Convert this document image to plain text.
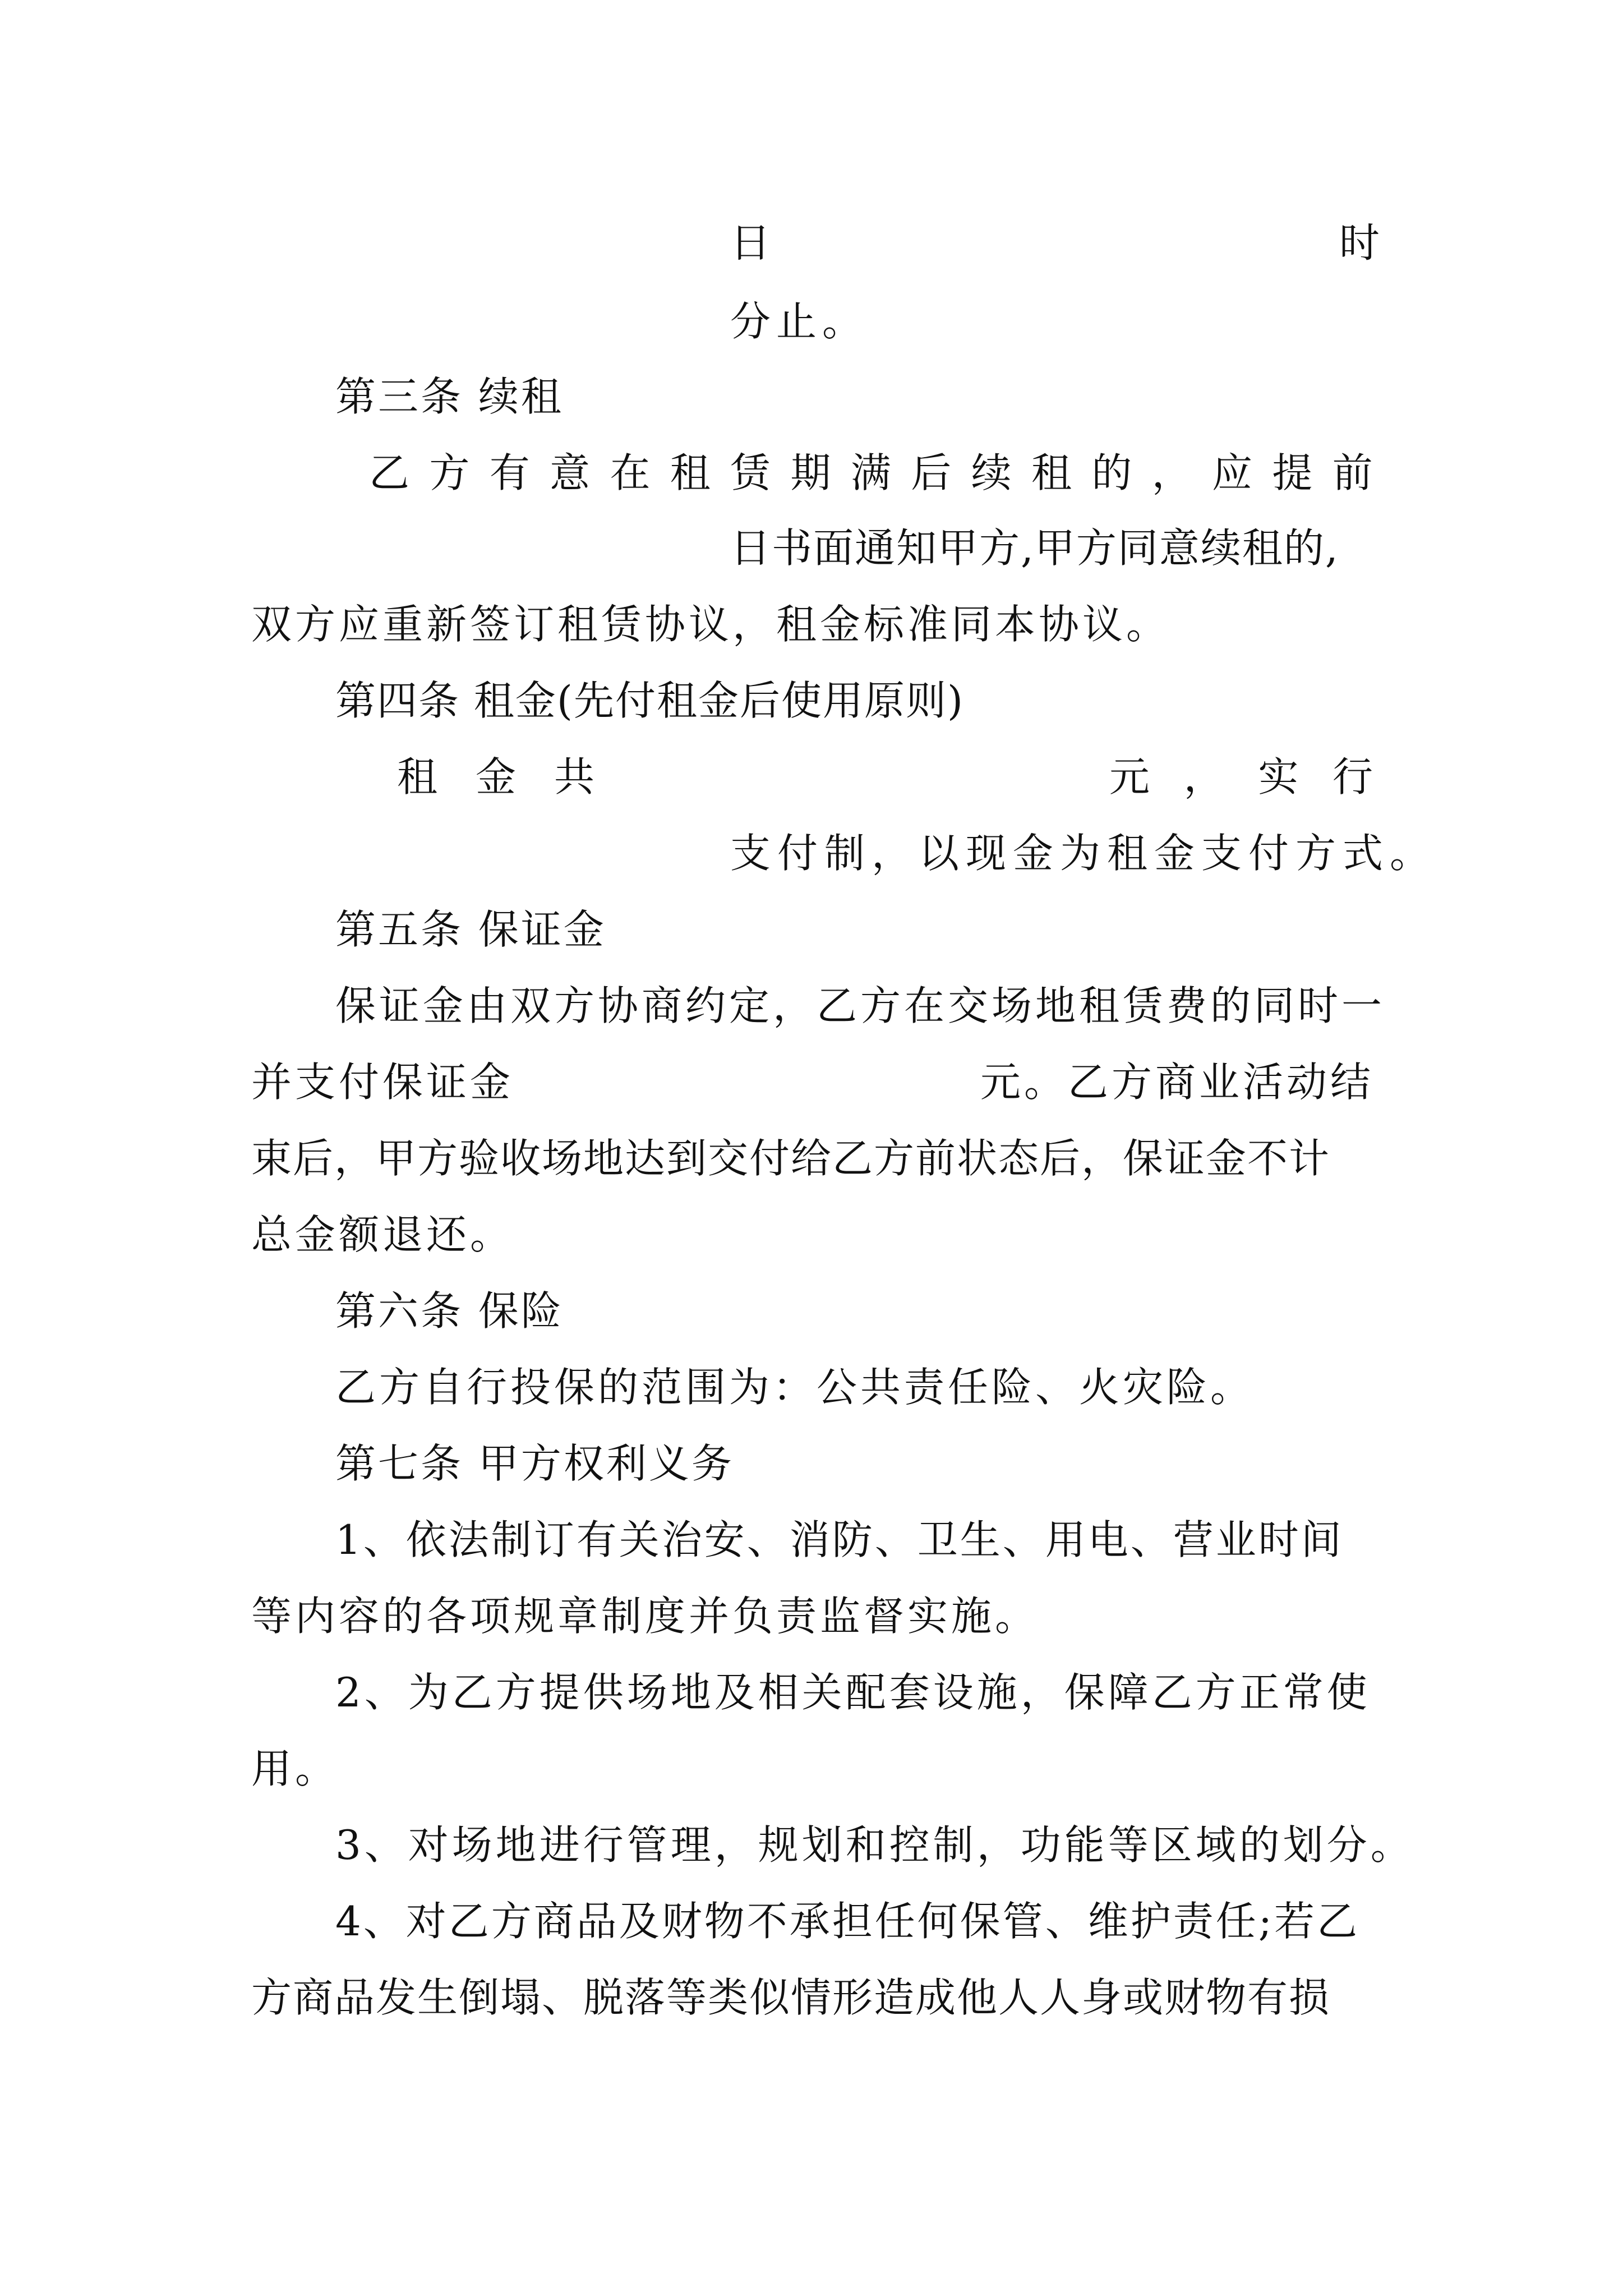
日	时
分止。
第三条 续租
乙 方 有 意 在 租 赁 期 满 后 续 租 的 ， 应 提 前
日书面通知甲方,甲方同意续租的,
双方应重新签订租赁协议，租金标准同本协议。
第四条 租金(先付租金后使用原则)
租 金 共	元 ， 实 行
支付制，以现金为租金支付方式。
第五条 保证金
保证金由双方协商约定，乙方在交场地租赁费的同时一
并支付保证金	元。乙方商业活动结
束后，甲方验收场地达到交付给乙方前状态后，保证金不计
总金额退还。
第六条 保险
乙方自行投保的范围为：公共责任险、火灾险。
第七条 甲方权利义务
1、依法制订有关治安、消防、卫生、用电、营业时间
等内容的各项规章制度并负责监督实施。
2、为乙方提供场地及相关配套设施，保障乙方正常使
用。
3、对场地进行管理，规划和控制，功能等区域的划分。
4、对乙方商品及财物不承担任何保管、维护责任;若乙
方商品发生倒塌、脱落等类似情形造成他人人身或财物有损
